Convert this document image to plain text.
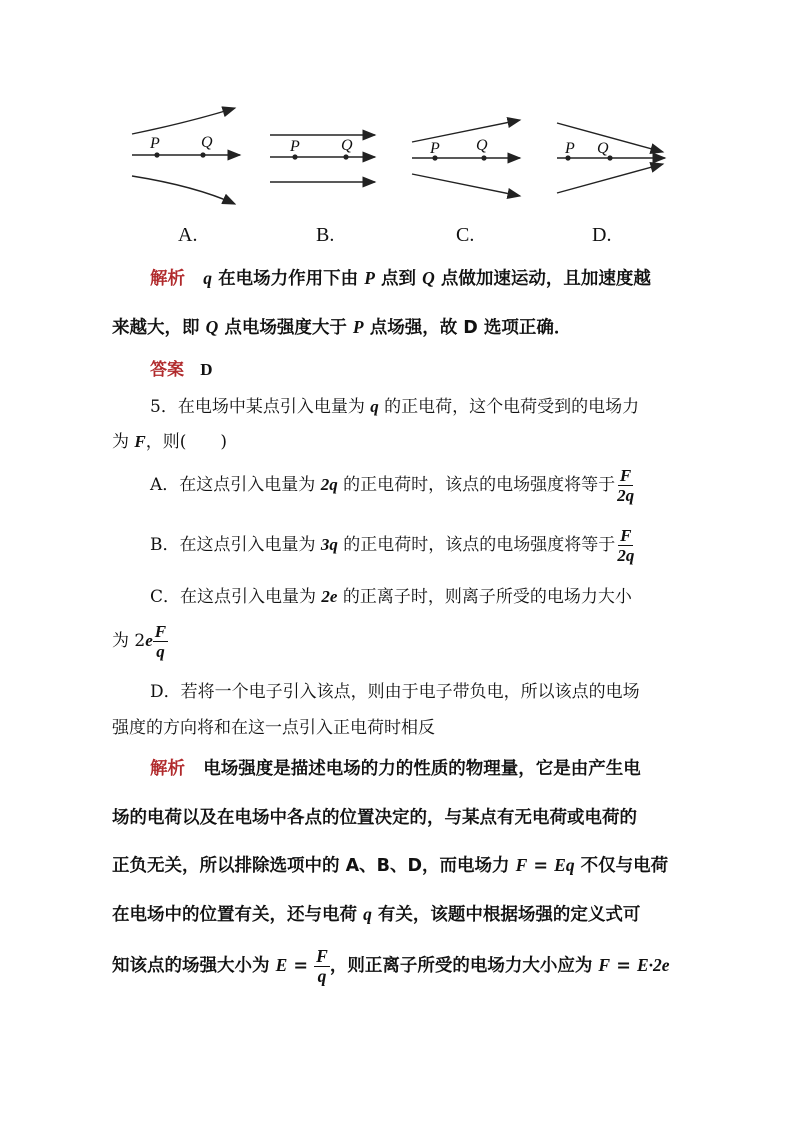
P	Q	P	Q	P Q	P Q
A.	B.	C.	D.
解析 q 在电场力作用下由 P 点到 Q 点做加速运动，且加速度越
来越大，即 Q 点电场强度大于 P 点场强，故 D 选项正确．
答案 D
5．在电场中某点引入电量为 q 的正电荷，这个电荷受到的电场力
为 F，则(　　)
A．在这点引入电量为 2q 的正电荷时，该点的电场强度将等于 $\frac{F}{2q}$
B．在这点引入电量为 3q 的正电荷时，该点的电场强度将等于 $\frac{F}{2q}$
C．在这点引入电量为 2e 的正离子时，则离子所受的电场力大小
为 $2e \frac{F}{q}$
D．若将一个电子引入该点，则由于电子带负电，所以该点的电场
强度的方向将和在这一点引入正电荷时相反
解析 电场强度是描述电场的力的性质的物理量，它是由产生电
场的电荷以及在电场中各点的位置决定的，与某点有无电荷或电荷的
正负无关，所以排除选项中的 A、B、D，而电场力 F = Eq 不仅与电荷
在电场中的位置有关，还与电荷 q 有关，该题中根据场强的定义式可
知该点的场强大小为 $E = \frac{F}{q}$ ，则正离子所受的电场力大小应为 F = E·2e
